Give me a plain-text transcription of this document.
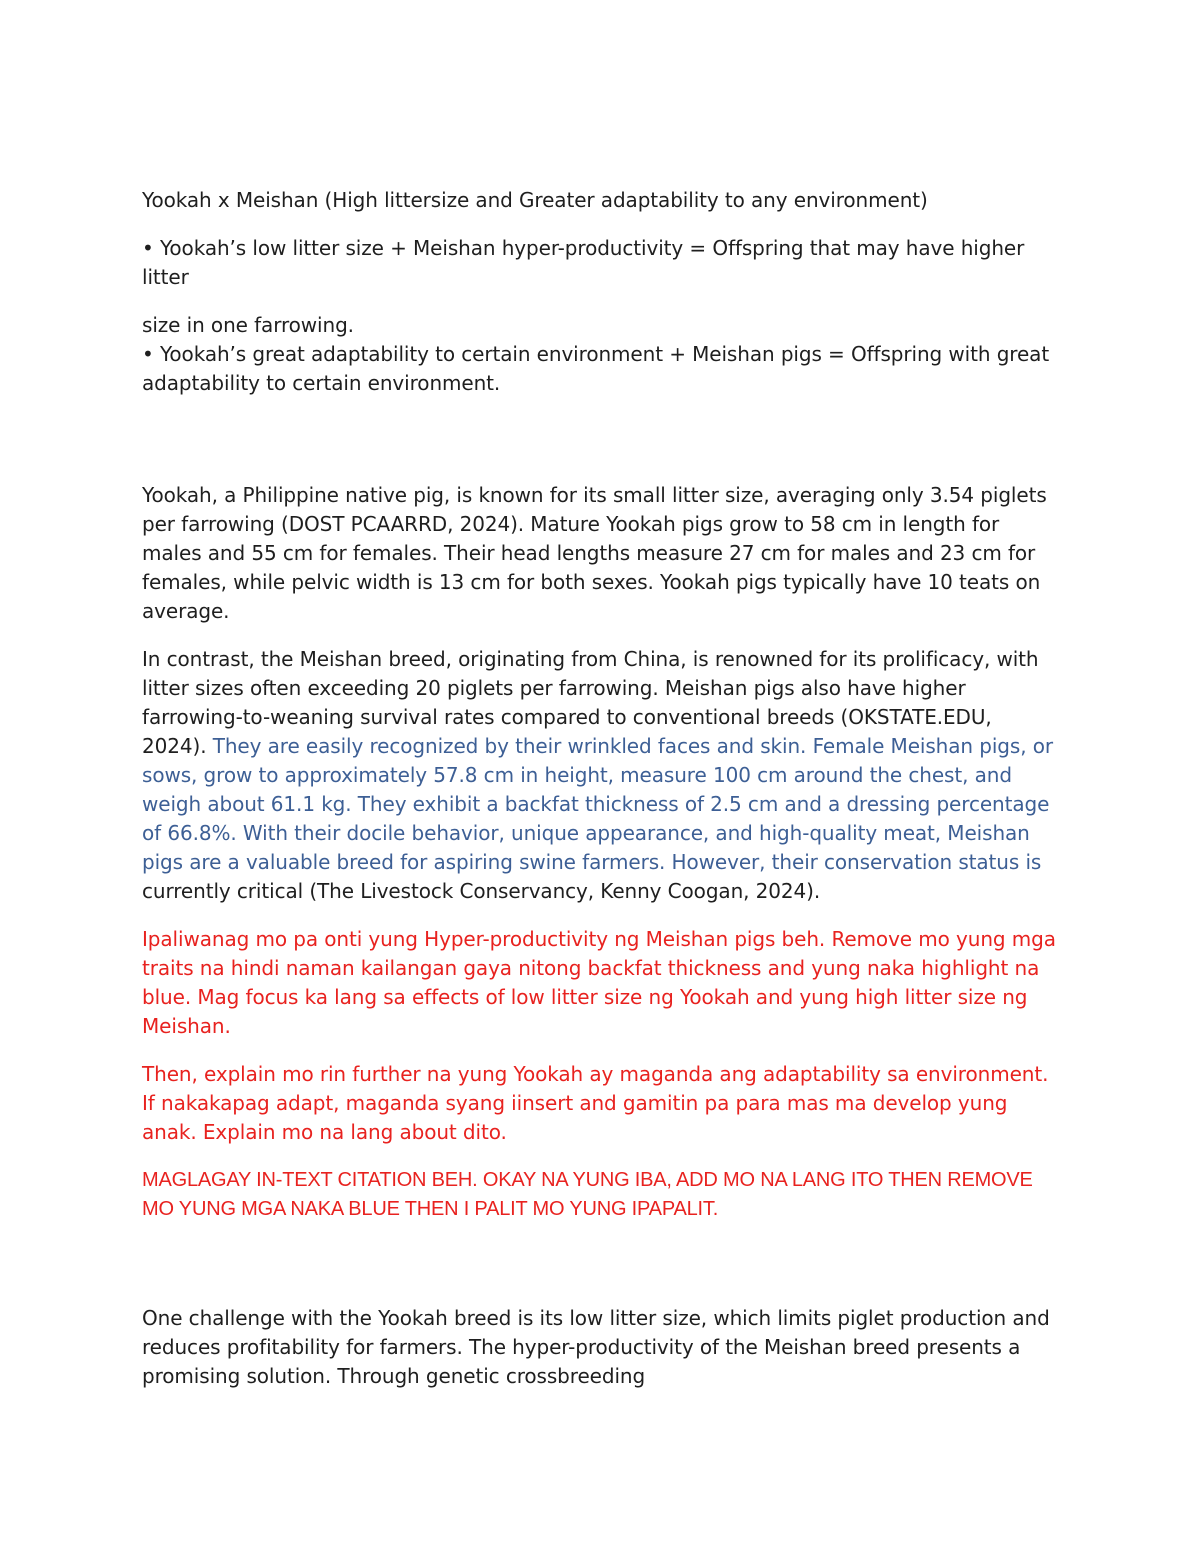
Yookah x Meishan (High littersize and Greater adaptability to any environment)

• Yookah’s low litter size + Meishan hyper-productivity = Offspring that may have higher litter

size in one farrowing.

• Yookah’s great adaptability to certain environment + Meishan pigs = Offspring with great adaptability to certain environment.

Yookah, a Philippine native pig, is known for its small litter size, averaging only 3.54 piglets per farrowing (DOST PCAARRD, 2024). Mature Yookah pigs grow to 58 cm in length for males and 55 cm for females. Their head lengths measure 27 cm for males and 23 cm for females, while pelvic width is 13 cm for both sexes. Yookah pigs typically have 10 teats on average.

In contrast, the Meishan breed, originating from China, is renowned for its prolificacy, with litter sizes often exceeding 20 piglets per farrowing. Meishan pigs also have higher farrowing-to-weaning survival rates compared to conventional breeds (OKSTATE.EDU, 2024). They are easily recognized by their wrinkled faces and skin. Female Meishan pigs, or sows, grow to approximately 57.8 cm in height, measure 100 cm around the chest, and weigh about 61.1 kg. They exhibit a backfat thickness of 2.5 cm and a dressing percentage of 66.8%. With their docile behavior, unique appearance, and high-quality meat, Meishan pigs are a valuable breed for aspiring swine farmers. However, their conservation status is currently critical (The Livestock Conservancy, Kenny Coogan, 2024).

Ipaliwanag mo pa onti yung Hyper-productivity ng Meishan pigs beh. Remove mo yung mga traits na hindi naman kailangan gaya nitong backfat thickness and yung naka highlight na blue. Mag focus ka lang sa effects of low litter size ng Yookah and yung high litter size ng Meishan.

Then, explain mo rin further na yung Yookah ay maganda ang adaptability sa environment. If nakakapag adapt, maganda syang iinsert and gamitin pa para mas ma develop yung anak. Explain mo na lang about dito.

MAGLAGAY IN-TEXT CITATION BEH. OKAY NA YUNG IBA, ADD MO NA LANG ITO THEN REMOVE MO YUNG MGA NAKA BLUE THEN I PALIT MO YUNG IPAPALIT.

One challenge with the Yookah breed is its low litter size, which limits piglet production and reduces profitability for farmers. The hyper-productivity of the Meishan breed presents a promising solution. Through genetic crossbreeding
